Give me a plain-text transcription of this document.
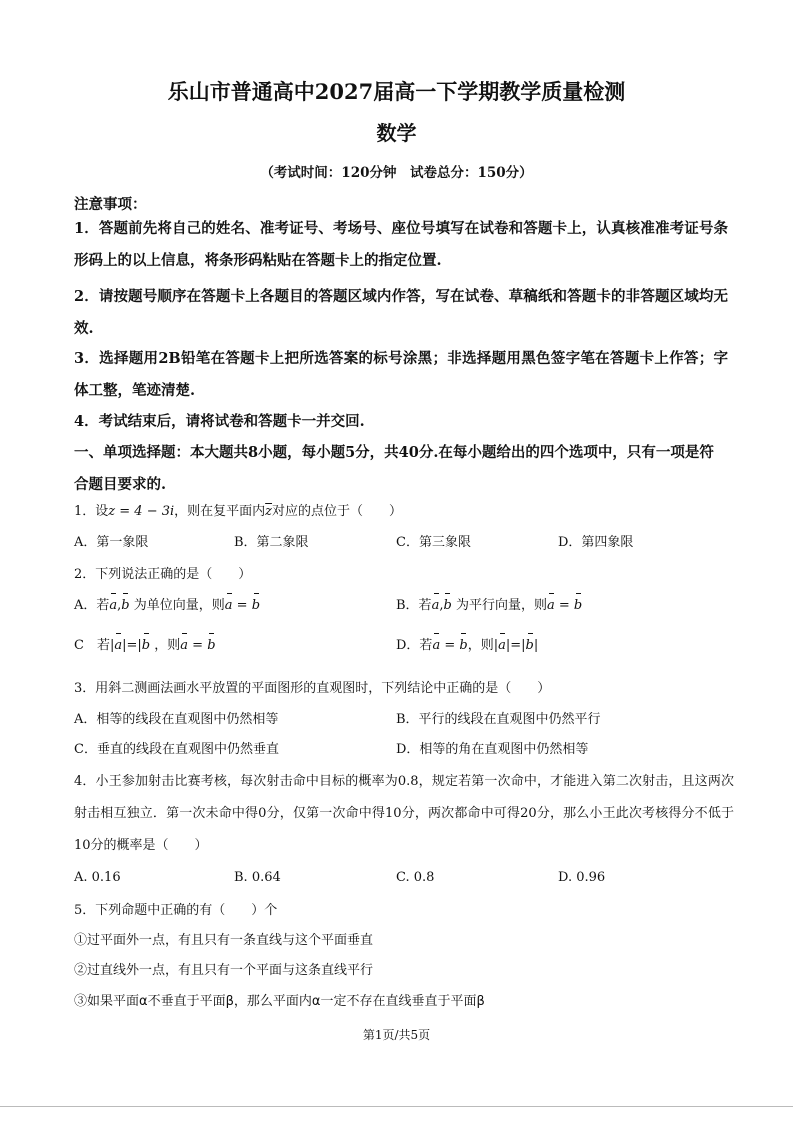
乐山市普通高中2027届高一下学期教学质量检测
数学
（考试时间：120分钟　试卷总分：150分）
注意事项：
1．答题前先将自己的姓名、准考证号、考场号、座位号填写在试卷和答题卡上，认真核准准考证号条形码上的以上信息，将条形码粘贴在答题卡上的指定位置.
2．请按题号顺序在答题卡上各题目的答题区域内作答，写在试卷、草稿纸和答题卡的非答题区域均无效.
3．选择题用2B铅笔在答题卡上把所选答案的标号涂黑；非选择题用黑色签字笔在答题卡上作答；字体工整，笔迹清楚.
4．考试结束后，请将试卷和答题卡一并交回.
一、单项选择题：本大题共8小题，每小题5分，共40分.在每小题给出的四个选项中，只有一项是符合题目要求的.
1．设z = 4 − 3i，则在复平面内$\overline{z}$对应的点位于（　　）
A．第一象限	B．第二象限	C．第三象限	D．第四象限
2．下列说法正确的是（　　）
A．若a,b 为单位向量，则a = b	B．若a,b 为平行向量，则a = b
C　若|a|=|b ，则a = b	D．若a = b，则|a|=|b|
3．用斜二测画法画水平放置的平面图形的直观图时，下列结论中正确的是（　　）
A．相等的线段在直观图中仍然相等	B．平行的线段在直观图中仍然平行
C．垂直的线段在直观图中仍然垂直	D．相等的角在直观图中仍然相等
4．小王参加射击比赛考核，每次射击命中目标的概率为0.8，规定若第一次命中，才能进入第二次射击，且这两次射击相互独立．第一次未命中得0分，仅第一次命中得10分，两次都命中可得20分，那么小王此次考核得分不低于10分的概率是（　　）
A. 0.16	B. 0.64	C. 0.8	D. 0.96
5．下列命题中正确的有（　　）个
①过平面外一点，有且只有一条直线与这个平面垂直
②过直线外一点，有且只有一个平面与这条直线平行
③如果平面α不垂直于平面β，那么平面内α一定不存在直线垂直于平面β
第1页/共5页
